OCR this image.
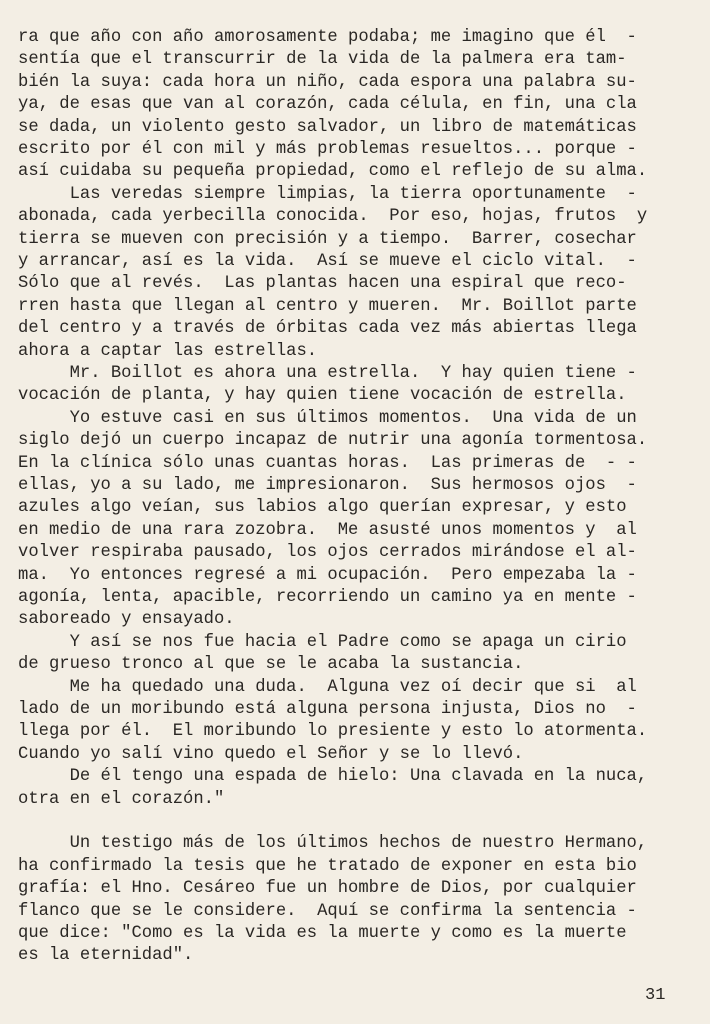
ra que año con año amorosamente podaba; me imagino que él  -
sentía que el transcurrir de la vida de la palmera era tam-
bién la suya: cada hora un niño, cada espora una palabra su-
ya, de esas que van al corazón, cada célula, en fin, una cla
se dada, un violento gesto salvador, un libro de matemáticas
escrito por él con mil y más problemas resueltos... porque -
así cuidaba su pequeña propiedad, como el reflejo de su alma.
Las veredas siempre limpias, la tierra oportunamente  -
abonada, cada yerbecilla conocida.  Por eso, hojas, frutos  y
tierra se mueven con precisión y a tiempo.  Barrer, cosechar
y arrancar, así es la vida.  Así se mueve el ciclo vital.  -
Sólo que al revés.  Las plantas hacen una espiral que reco-
rren hasta que llegan al centro y mueren.  Mr. Boillot parte
del centro y a través de órbitas cada vez más abiertas llega
ahora a captar las estrellas.
Mr. Boillot es ahora una estrella.  Y hay quien tiene -
vocación de planta, y hay quien tiene vocación de estrella.
Yo estuve casi en sus últimos momentos.  Una vida de un
siglo dejó un cuerpo incapaz de nutrir una agonía tormentosa.
En la clínica sólo unas cuantas horas.  Las primeras de  - -
ellas, yo a su lado, me impresionaron.  Sus hermosos ojos  -
azules algo veían, sus labios algo querían expresar, y esto
en medio de una rara zozobra.  Me asusté unos momentos y  al
volver respiraba pausado, los ojos cerrados mirándose el al-
ma.  Yo entonces regresé a mi ocupación.  Pero empezaba la -
agonía, lenta, apacible, recorriendo un camino ya en mente -
saboreado y ensayado.
Y así se nos fue hacia el Padre como se apaga un cirio
de grueso tronco al que se le acaba la sustancia.
Me ha quedado una duda.  Alguna vez oí decir que si  al
lado de un moribundo está alguna persona injusta, Dios no  -
llega por él.  El moribundo lo presiente y esto lo atormenta.
Cuando yo salí vino quedo el Señor y se lo llevó.
De él tengo una espada de hielo: Una clavada en la nuca,
otra en el corazón."
Un testigo más de los últimos hechos de nuestro Hermano,
ha confirmado la tesis que he tratado de exponer en esta bio
grafía: el Hno. Cesáreo fue un hombre de Dios, por cualquier
flanco que se le considere.  Aquí se confirma la sentencia -
que dice: "Como es la vida es la muerte y como es la muerte
es la eternidad".
31
